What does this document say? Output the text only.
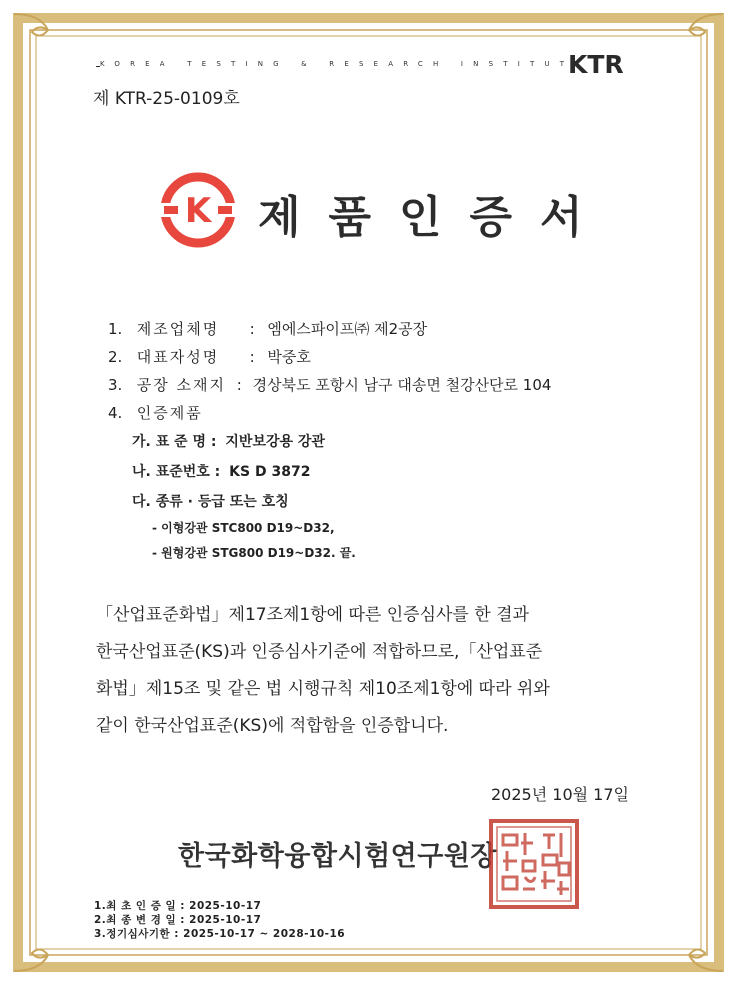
KOREA TESTING & RESEARCH INSTITUTE
KTR
제 KTR-25-0109호
K 제품인증서
1. 제조업체명 : 엠에스파이프㈜ 제2공장
2. 대표자성명 : 박중호
3. 공장 소재지 : 경상북도 포항시 남구 대송면 철강산단로 104
4. 인증제품
가. 표 준 명 : 지반보강용 강관
나. 표준번호 : KS D 3872
다. 종류 · 등급 또는 호칭
- 이형강관 STC800 D19~D32,
- 원형강관 STG800 D19~D32. 끝.
「산업표준화법」제17조제1항에 따른 인증심사를 한 결과
한국산업표준(KS)과 인증심사기준에 적합하므로,「산업표준
화법」제15조 및 같은 법 시행규칙 제10조제1항에 따라 위와
같이 한국산업표준(KS)에 적합함을 인증합니다.
2025년 10월 17일
한국화학융합시험연구원장
1.최 초 인 증 일 : 2025-10-17
2.최 종 변 경 일 : 2025-10-17
3.정기심사기한 : 2025-10-17 ~ 2028-10-16
